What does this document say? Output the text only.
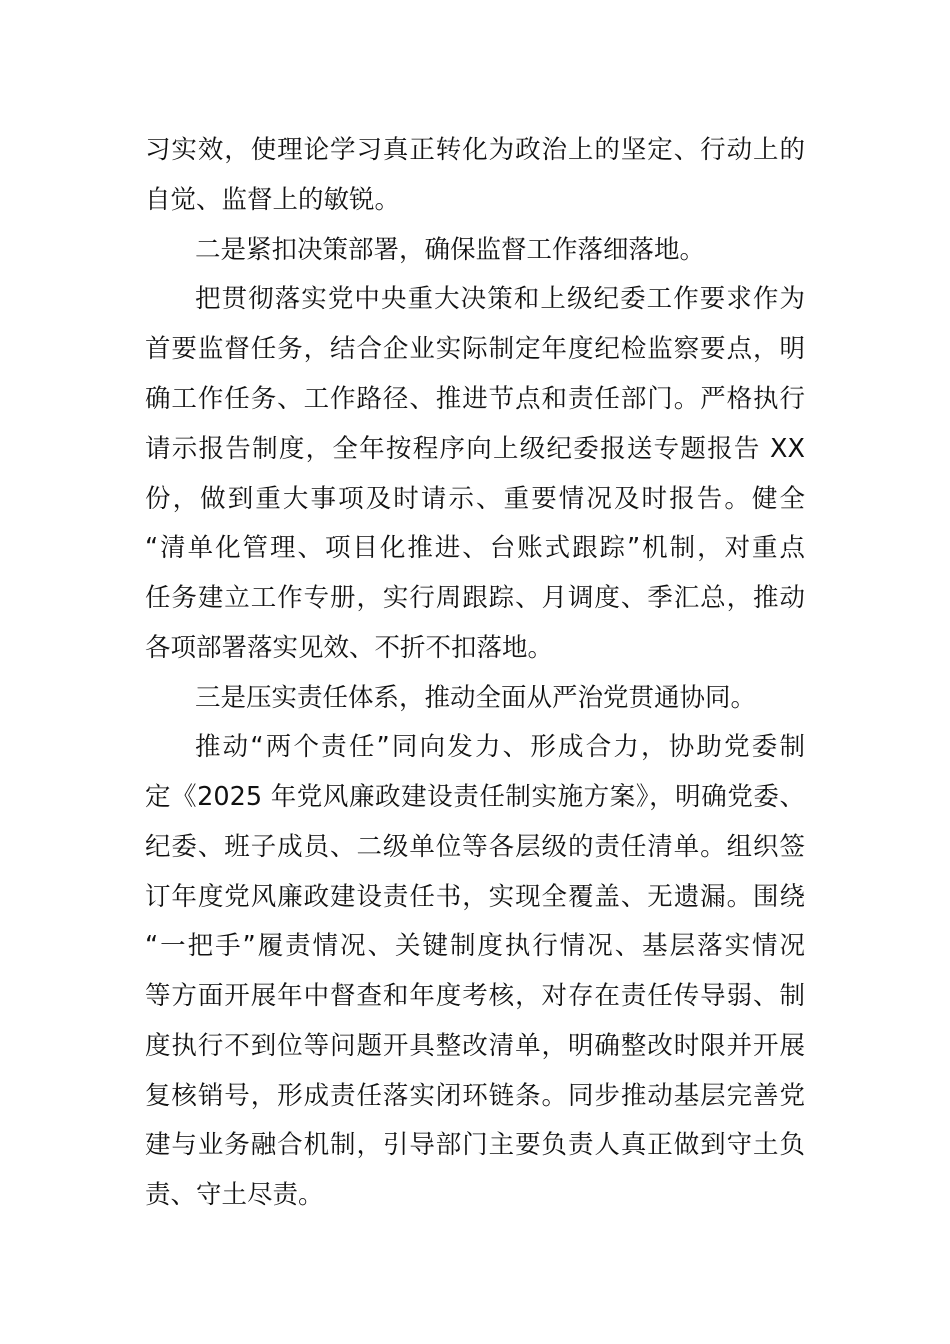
习实效，使理论学习真正转化为政治上的坚定、行动上的
自觉、监督上的敏锐。
二是紧扣决策部署，确保监督工作落细落地。
把贯彻落实党中央重大决策和上级纪委工作要求作为
首要监督任务，结合企业实际制定年度纪检监察要点，明
确工作任务、工作路径、推进节点和责任部门。严格执行
请示报告制度，全年按程序向上级纪委报送专题报告 XX
份，做到重大事项及时请示、重要情况及时报告。健全
“清单化管理、项目化推进、台账式跟踪”机制，对重点
任务建立工作专册，实行周跟踪、月调度、季汇总，推动
各项部署落实见效、不折不扣落地。
三是压实责任体系，推动全面从严治党贯通协同。
推动“两个责任”同向发力、形成合力，协助党委制
定《2025 年党风廉政建设责任制实施方案》，明确党委、
纪委、班子成员、二级单位等各层级的责任清单。组织签
订年度党风廉政建设责任书，实现全覆盖、无遗漏。围绕
“一把手”履责情况、关键制度执行情况、基层落实情况
等方面开展年中督查和年度考核，对存在责任传导弱、制
度执行不到位等问题开具整改清单，明确整改时限并开展
复核销号，形成责任落实闭环链条。同步推动基层完善党
建与业务融合机制，引导部门主要负责人真正做到守土负
责、守土尽责。
